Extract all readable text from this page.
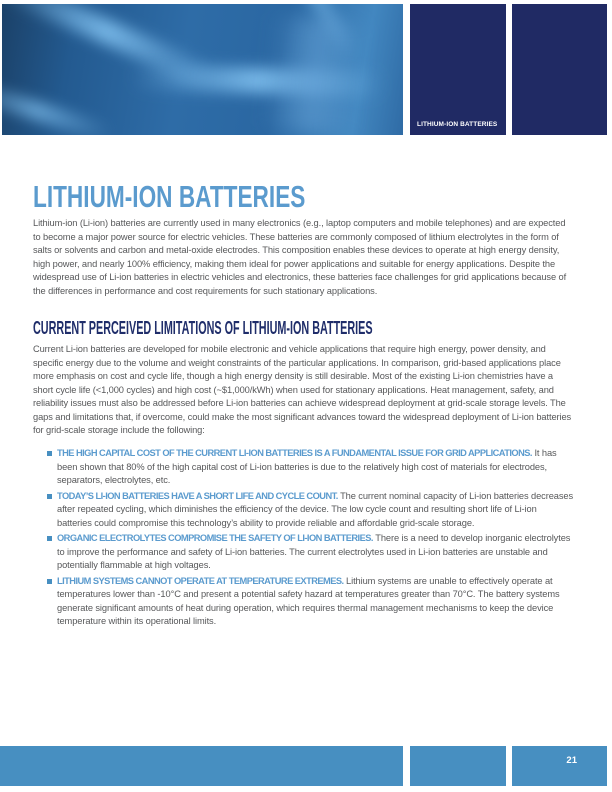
LITHIUM-ION BATTERIES
LITHIUM-ION BATTERIES

Lithium-ion (Li-ion) batteries are currently used in many electronics (e.g., laptop computers and mobile telephones) and are expected to become a major power source for electric vehicles. These batteries are commonly composed of lithium electrolytes in the form of salts or solvents and carbon and metal-oxide electrodes. This composition enables these devices to operate at high energy density, high power, and nearly 100% efficiency, making them ideal for power applications and suitable for energy applications. Despite the widespread use of Li-ion batteries in electric vehicles and electronics, these batteries face challenges for grid applications because of the differences in performance and cost requirements for such stationary applications.

CURRENT PERCEIVED LIMITATIONS OF LITHIUM-ION BATTERIES

Current Li-ion batteries are developed for mobile electronic and vehicle applications that require high energy, power density, and specific energy due to the volume and weight constraints of the particular applications. In comparison, grid-based applications place more emphasis on cost and cycle life, though a high energy density is still desirable. Most of the existing Li-ion chemistries have a short cycle life (<1,000 cycles) and high cost (~$1,000/kWh) when used for stationary applications. Heat management, safety, and reliability issues must also be addressed before Li-ion batteries can achieve widespread deployment at grid-scale storage levels. The gaps and limitations that, if overcome, could make the most significant advances toward the widespread deployment of Li-ion batteries for grid-scale storage include the following:

THE HIGH CAPITAL COST OF THE CURRENT LI-ION BATTERIES IS A FUNDAMENTAL ISSUE FOR GRID APPLICATIONS. It has been shown that 80% of the high capital cost of Li-ion batteries is due to the relatively high cost of materials for electrodes, separators, electrolytes, etc.
TODAY’S LI-ION BATTERIES HAVE A SHORT LIFE AND CYCLE COUNT. The current nominal capacity of Li-ion batteries decreases after repeated cycling, which diminishes the efficiency of the device. The low cycle count and resulting short life of Li-ion batteries could compromise this technology’s ability to provide reliable and affordable grid-scale storage.
ORGANIC ELECTROLYTES COMPROMISE THE SAFETY OF LI-ION BATTERIES. There is a need to develop inorganic electrolytes to improve the performance and safety of Li-ion batteries. The current electrolytes used in Li-ion batteries are unstable and potentially flammable at high voltages.
LITHIUM SYSTEMS CANNOT OPERATE AT TEMPERATURE EXTREMES. Lithium systems are unable to effectively operate at temperatures lower than -10°C and present a potential safety hazard at temperatures greater than 70°C. The battery systems generate significant amounts of heat during operation, which requires thermal management mechanisms to keep the device temperature within its operational limits.
21
